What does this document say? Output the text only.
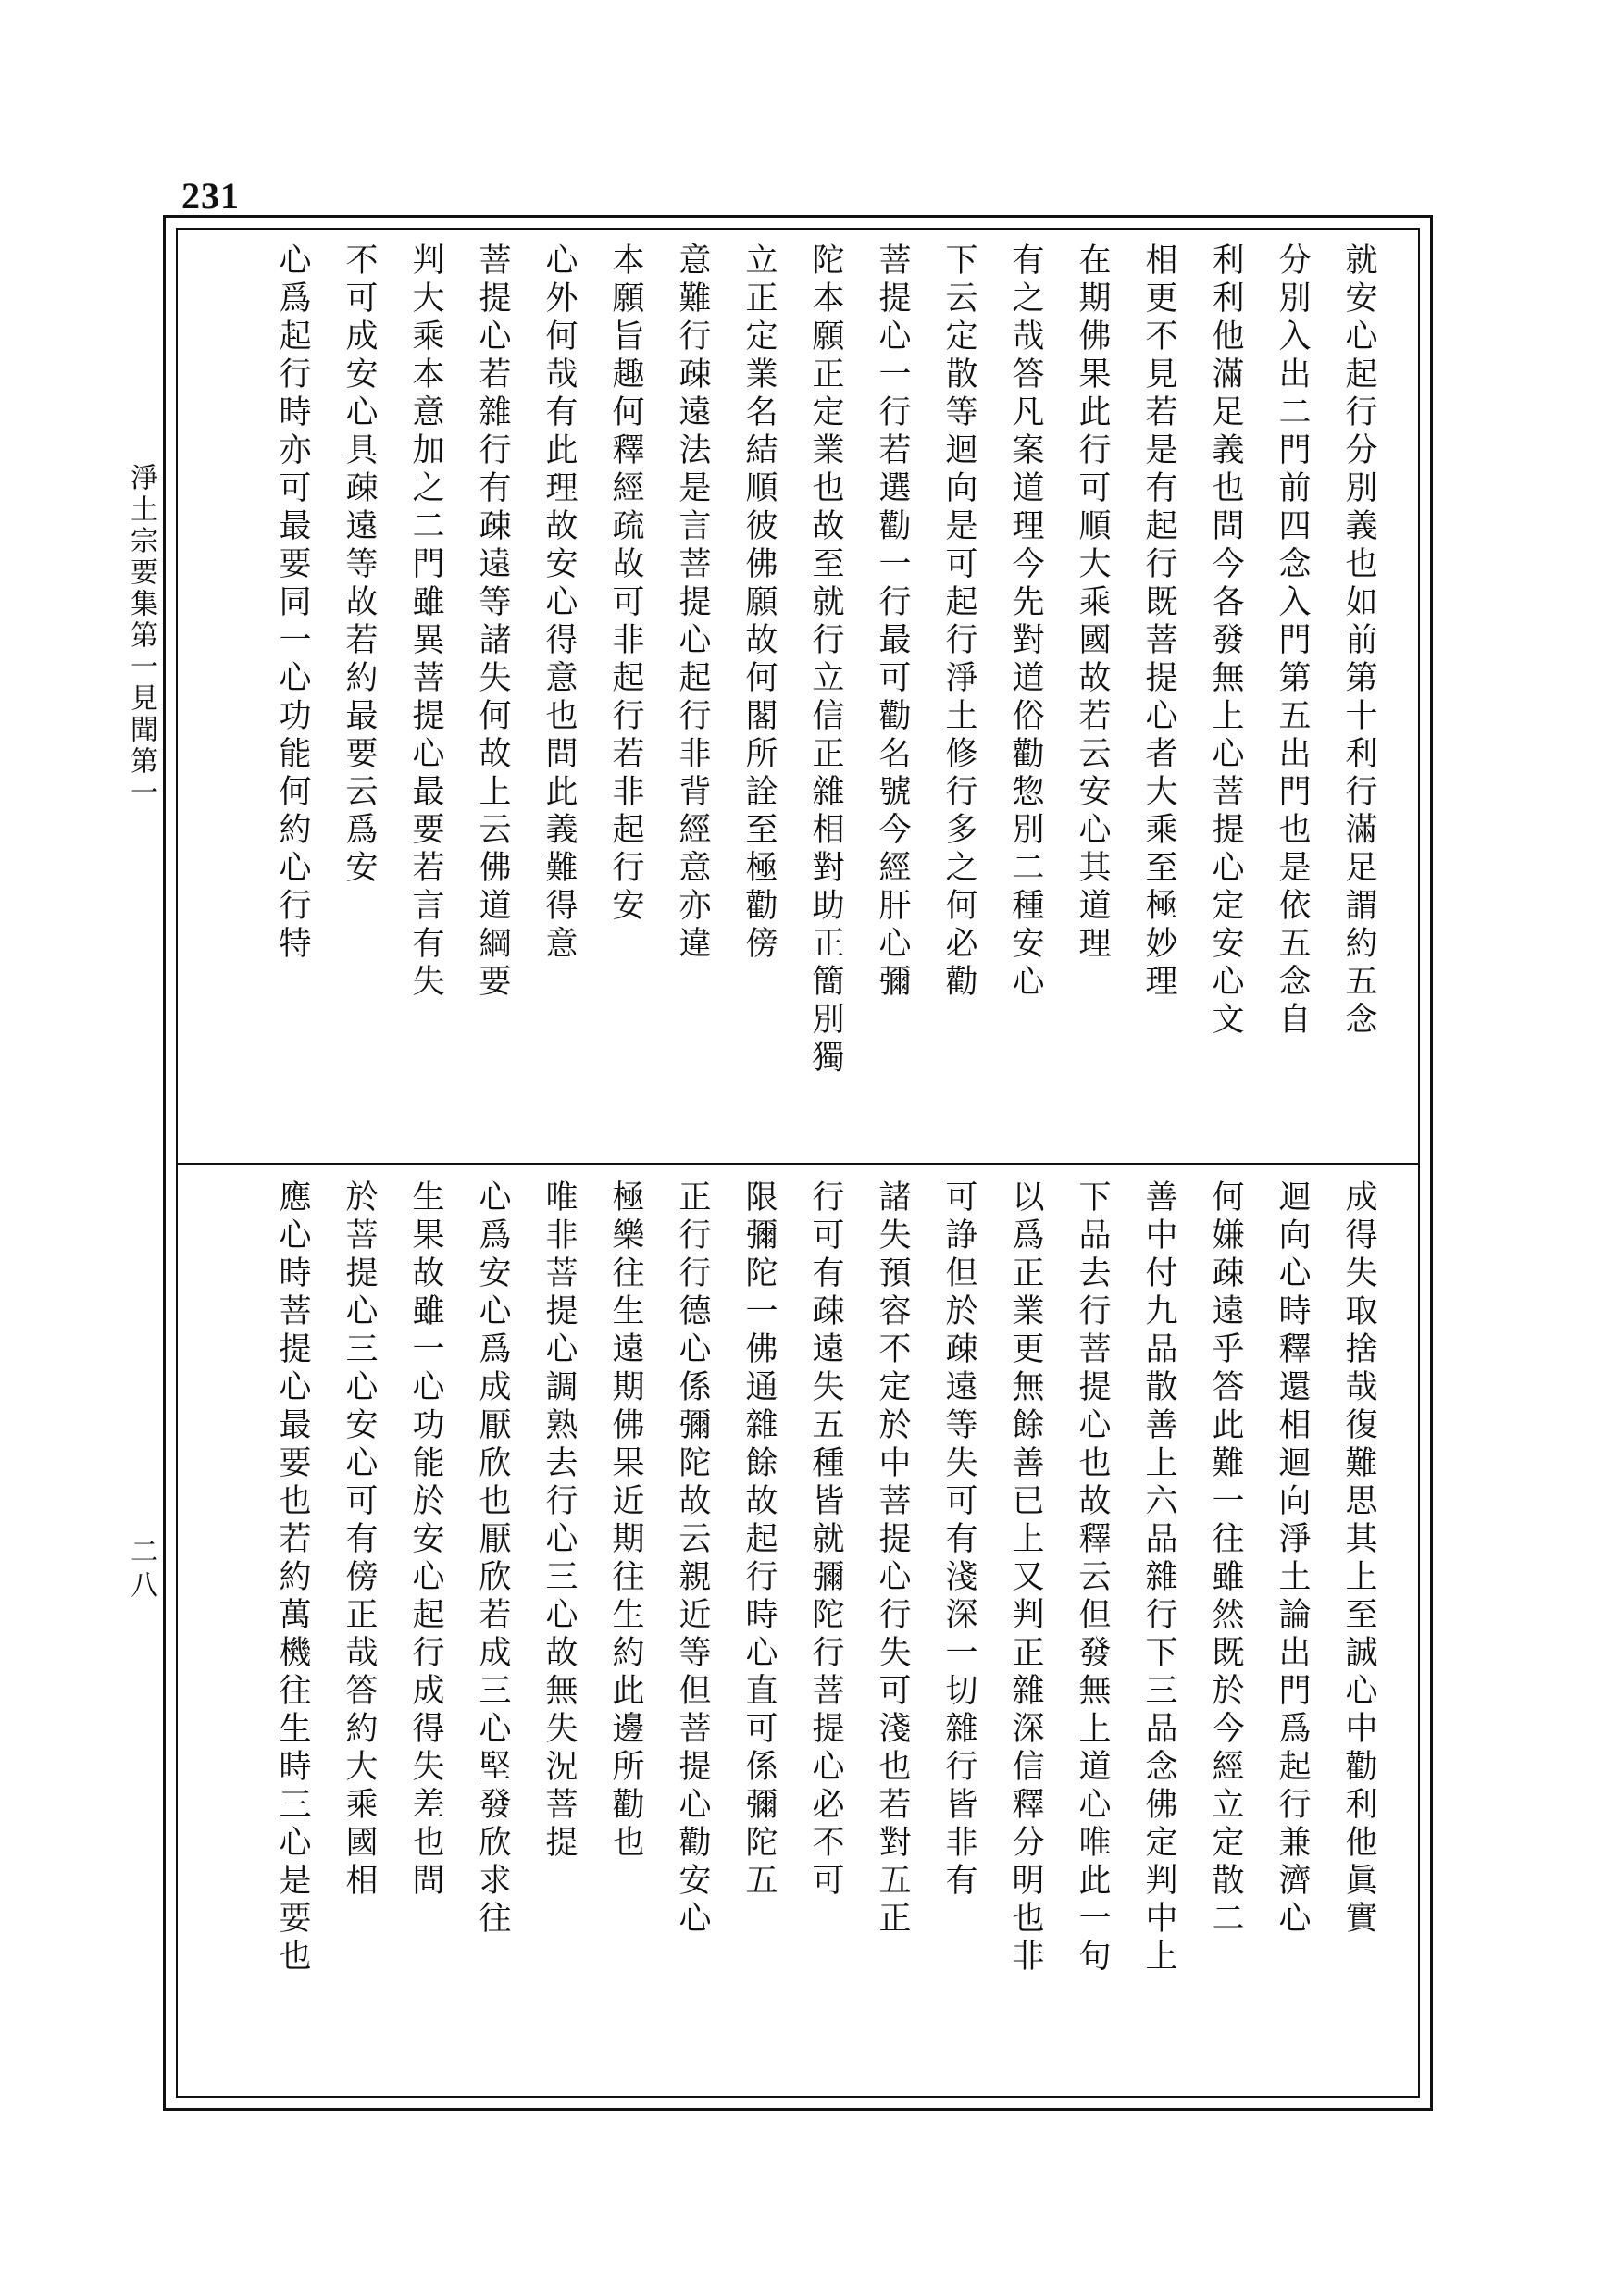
231
淨土宗要集第一見聞第一
二八
就安心起行分別義也如前第十利行滿足謂約五念
分別入出二門前四念入門第五出門也是依五念自
利利他滿足義也問今各發無上心菩提心定安心文
相更不見若是有起行既菩提心者大乘至極妙理
在期佛果此行可順大乘國故若云安心其道理
有之哉答凡案道理今先對道俗勸惣別二種安心
下云定散等迴向是可起行淨土修行多之何必勸
菩提心一行若選勸一行最可勸名號今經肝心彌
陀本願正定業也故至就行立信正雜相對助正簡別獨
立正定業名結順彼佛願故何閣所詮至極勸傍
意難行疎遠法是言菩提心起行非背經意亦違
本願旨趣何釋經疏故可非起行若非起行安
心外何哉有此理故安心得意也問此義難得意
菩提心若雜行有疎遠等諸失何故上云佛道綱要
判大乘本意加之二門雖異菩提心最要若言有失
不可成安心具疎遠等故若約最要云爲安
心爲起行時亦可最要同一心功能何約心行特
成得失取捨哉復難思其上至誠心中勸利他眞實
迴向心時釋還相迴向淨土論出門爲起行兼濟心
何嫌疎遠乎答此難一往雖然既於今經立定散二
善中付九品散善上六品雜行下三品念佛定判中上
下品去行菩提心也故釋云但發無上道心唯此一句
以爲正業更無餘善已上又判正雜深信釋分明也非
可諍但於疎遠等失可有淺深一切雜行皆非有
諸失預容不定於中菩提心行失可淺也若對五正
行可有疎遠失五種皆就彌陀行菩提心必不可
限彌陀一佛通雜餘故起行時心直可係彌陀五
正行行德心係彌陀故云親近等但菩提心勸安心
極樂往生遠期佛果近期往生約此邊所勸也
唯非菩提心調熟去行心三心故無失況菩提
心爲安心爲成厭欣也厭欣若成三心堅發欣求往
生果故雖一心功能於安心起行成得失差也問
於菩提心三心安心可有傍正哉答約大乘國相
應心時菩提心最要也若約萬機往生時三心是要也
